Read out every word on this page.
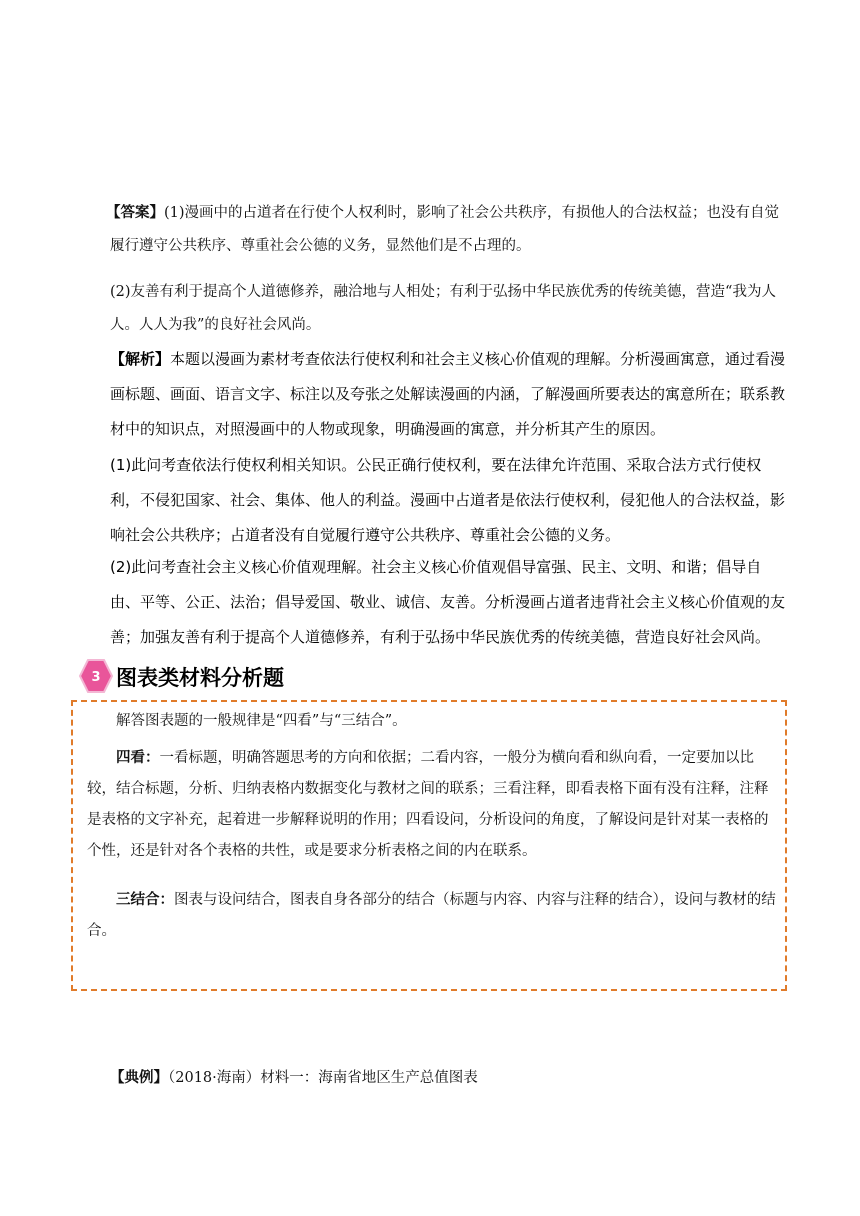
【答案】(1)漫画中的占道者在行使个人权利时，影响了社会公共秩序，有损他人的合法权益；也没有自觉履行遵守公共秩序、尊重社会公德的义务，显然他们是不占理的。

(2)友善有利于提高个人道德修养，融洽地与人相处；有利于弘扬中华民族优秀的传统美德，营造“我为人人。人人为我”的良好社会风尚。

【解析】本题以漫画为素材考查依法行使权利和社会主义核心价值观的理解。分析漫画寓意，通过看漫画标题、画面、语言文字、标注以及夸张之处解读漫画的内涵，了解漫画所要表达的寓意所在；联系教材中的知识点，对照漫画中的人物或现象，明确漫画的寓意，并分析其产生的原因。

(1)此问考查依法行使权利相关知识。公民正确行使权利，要在法律允许范围、采取合法方式行使权利，不侵犯国家、社会、集体、他人的利益。漫画中占道者是依法行使权利，侵犯他人的合法权益，影响社会公共秩序；占道者没有自觉履行遵守公共秩序、尊重社会公德的义务。

(2)此问考查社会主义核心价值观理解。社会主义核心价值观倡导富强、民主、文明、和谐；倡导自由、平等、公正、法治；倡导爱国、敬业、诚信、友善。分析漫画占道者违背社会主义核心价值观的友善；加强友善有利于提高个人道德修养，有利于弘扬中华民族优秀的传统美德，营造良好社会风尚。

3 图表类材料分析题

解答图表题的一般规律是“四看”与“三结合”。

四看：一看标题，明确答题思考的方向和依据；二看内容，一般分为横向看和纵向看，一定要加以比较，结合标题，分析、归纳表格内数据变化与教材之间的联系；三看注释，即看表格下面有没有注释，注释是表格的文字补充，起着进一步解释说明的作用；四看设问，分析设问的角度，了解设问是针对某一表格的个性，还是针对各个表格的共性，或是要求分析表格之间的内在联系。

三结合：图表与设问结合，图表自身各部分的结合（标题与内容、内容与注释的结合），设问与教材的结合。

【典例】（2018·海南）材料一：海南省地区生产总值图表
